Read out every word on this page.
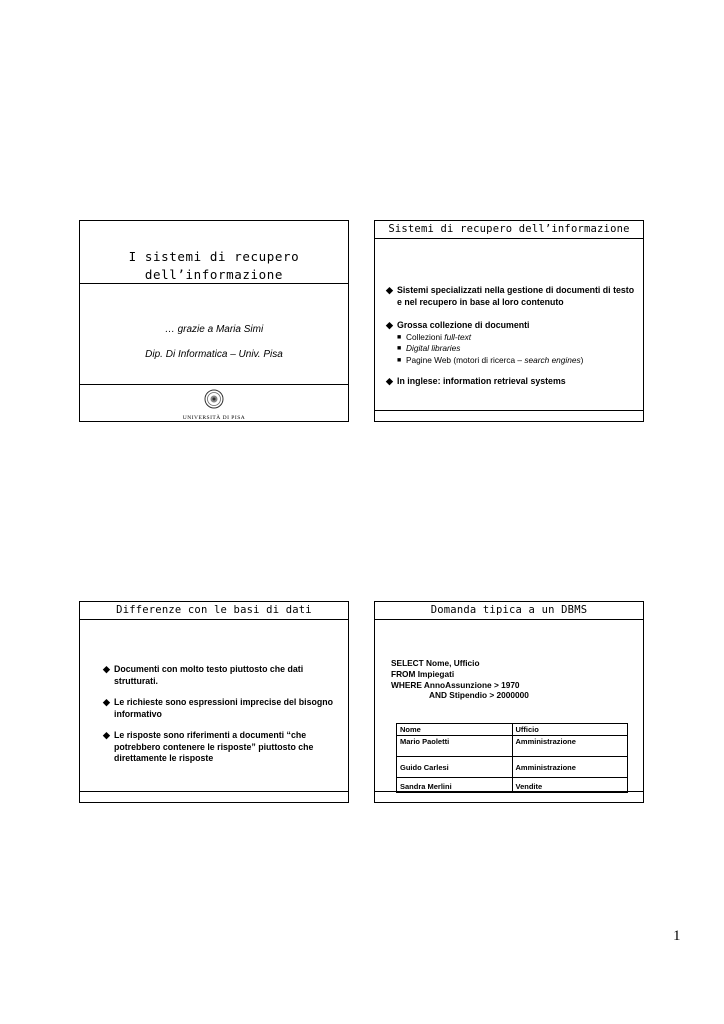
I sistemi di recupero
dell’informazione
… grazie a Maria Simi
Dip. Di Informatica – Univ. Pisa
UNIVERSITÀ DI PISA
Sistemi di recupero dell’informazione
◆ Sistemi specializzati nella gestione di documenti di testo e nel recupero in base al loro contenuto
◆ Grossa collezione di documenti
■ Collezioni full-text
■ Digital libraries
■ Pagine Web (motori di ricerca – search engines)
◆ In inglese: information retrieval systems
Differenze con le basi di dati
◆ Documenti con molto testo piuttosto che dati strutturati.
◆ Le richieste sono espressioni imprecise del bisogno informativo
◆ Le risposte sono riferimenti a documenti “che potrebbero contenere le risposte” piuttosto che direttamente le risposte
Domanda tipica a un DBMS
SELECT Nome, Ufficio
FROM Impiegati
WHERE AnnoAssunzione > 1970
AND Stipendio > 2000000
Nome	Ufficio
Mario Paoletti	Amministrazione
Guido Carlesi	Amministrazione
Sandra Merlini	Vendite
1
